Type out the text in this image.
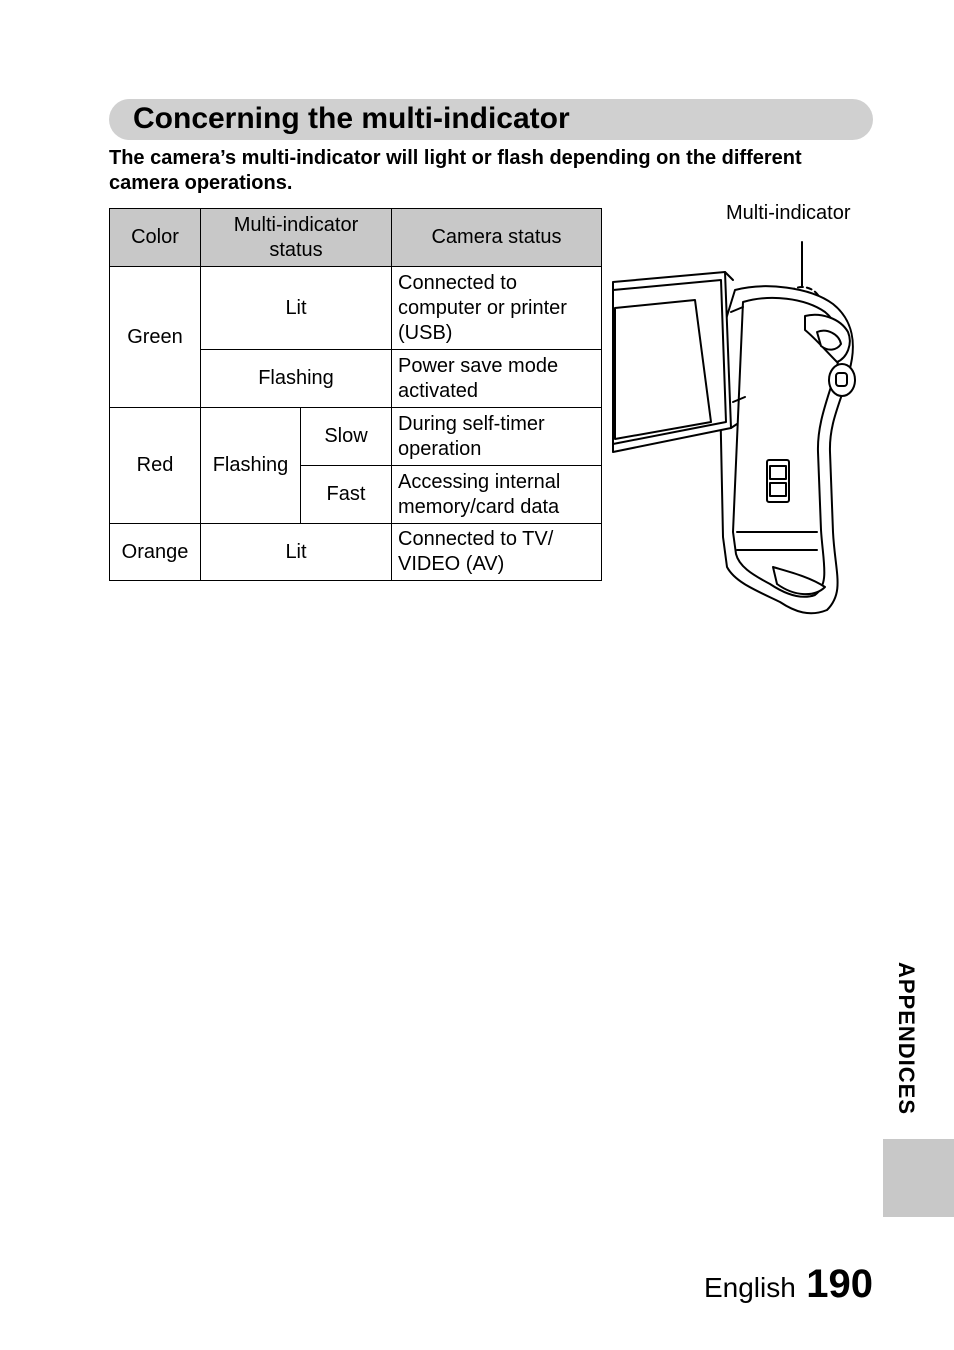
Concerning the multi-indicator

The camera’s multi-indicator will light or flash depending on the different camera operations.

Color	Multi-indicator status		Camera status
Green	Lit		Connected to computer or printer (USB)
	Flashing		Power save mode activated
Red	Flashing	Slow	During self-timer operation
		Fast	Accessing internal memory/card data
Orange	Lit		Connected to TV/ VIDEO (AV)
Multi-indicator
APPENDICES
English 190
